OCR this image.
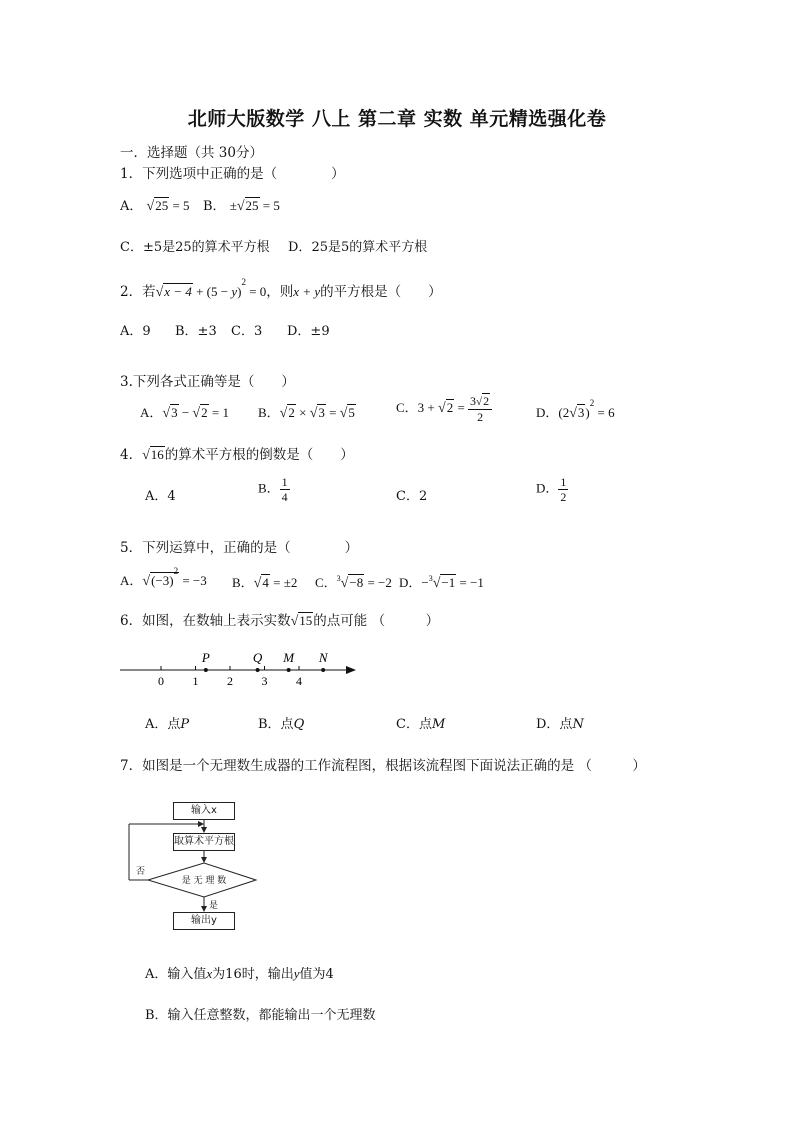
北师大版数学 八上 第二章 实数 单元精选强化卷
一．选择题（共 30分）
1．下列选项中正确的是（　　　　）
A． √25 = 5 B． ±√25 = 5
C．±5是25的算术平方根 D．25是5的算术平方根
2．若$√x - 4 + (5 - y)^2 = 0$，则x + y的平方根是（　　）
A．9 B．±3 C．3 D．±9
3.下列各式正确等是（　　）
A．√3 − √2 = 1 B．√2 × √3 = √5	C．$3 + √2 = \frac{3√2}{2}$	D．$(2√3)^2 = 6$
4．√16的算术平方根的倒数是（　　）
A．4
B． $\frac{1}{4}$	C．2
D． $\frac{1}{2}$
5．下列运算中，正确的是（　　　　）
A．$√(-3)^2 = -3$ B．√4 = ±2 C．$^3$√−8 = −2 D．−$^3$√−1 = −1
6．如图，在数轴上表示实数√15的点可能 （　　　）
0 1 2 3 4
P	Q M N
A．点P	B．点Q	C．点M	D．点N
7．如图是一个无理数生成器的工作流程图，根据该流程图下面说法正确的是 （　　　）
输入x
取算术平方根
是 无 理 数
否
是
输出y
A．输入值x为16时，输出y值为4
B．输入任意整数，都能输出一个无理数
